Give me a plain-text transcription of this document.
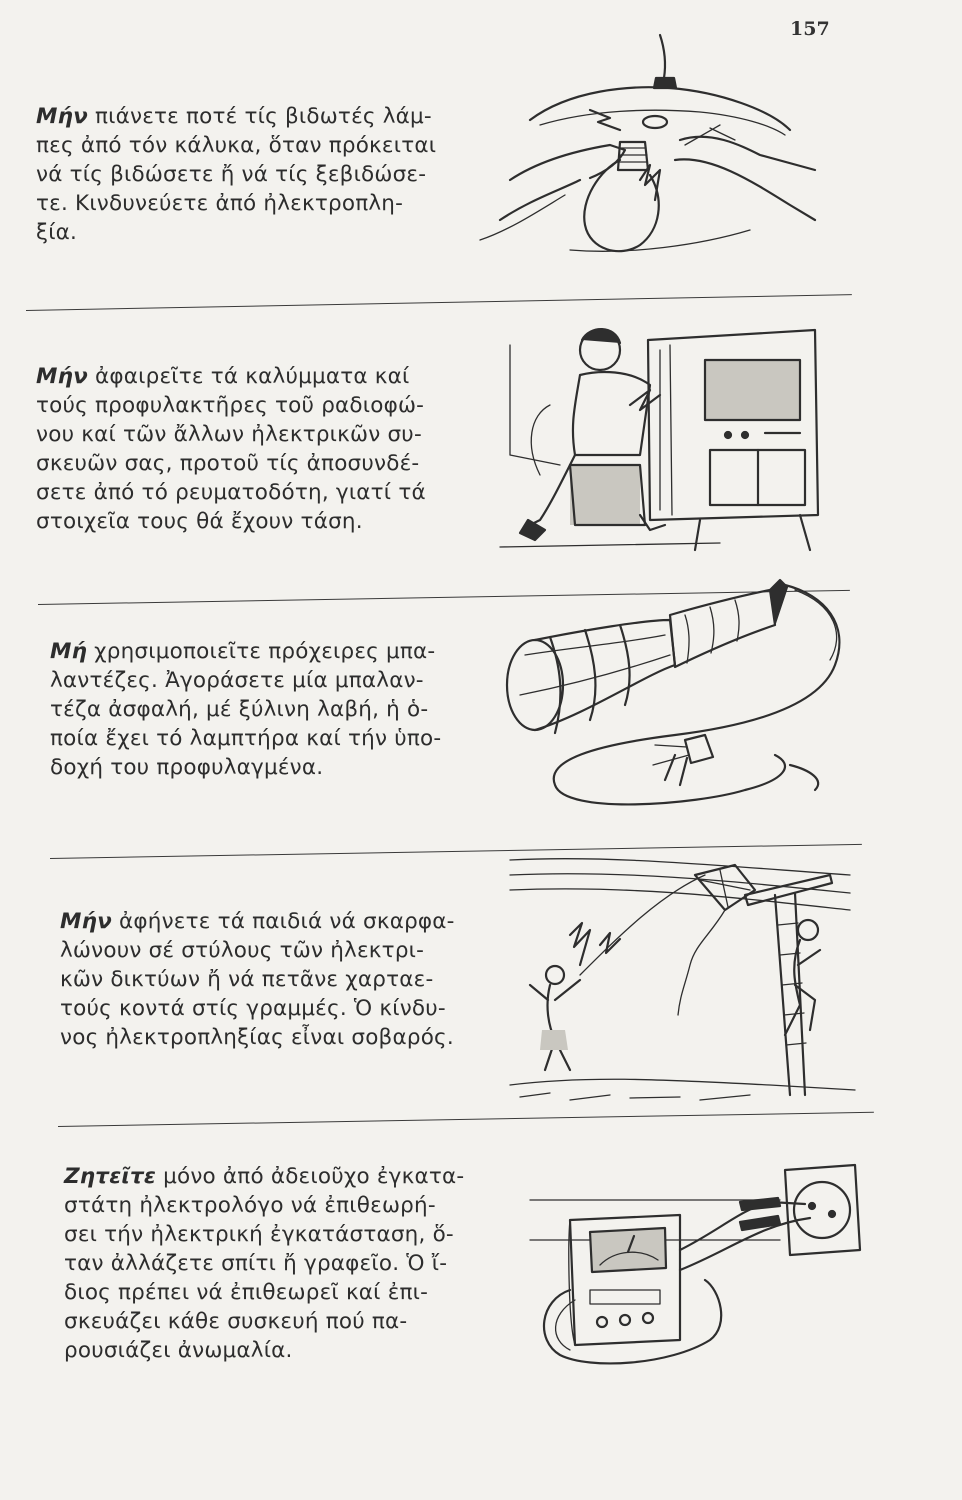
157

Μήν πιάνετε ποτέ τίς βιδωτές λάμ-
πες ἀπό τόν κάλυκα, ὅταν πρόκειται
νά τίς βιδώσετε ἤ νά τίς ξεβιδώσε-
τε. Κινδυνεύετε ἀπό ἠλεκτροπλη-
ξία.

Μήν ἀφαιρεῖτε τά καλύμματα καί
τούς προφυλακτῆρες τοῦ ραδιοφώ-
νου καί τῶν ἄλλων ἠλεκτρικῶν συ-
σκευῶν σας, προτοῦ τίς ἀποσυνδέ-
σετε ἀπό τό ρευματοδότη, γιατί τά
στοιχεῖα τους θά ἔχουν τάση.

Μή χρησιμοποιεῖτε πρόχειρες μπα-
λαντέζες. Ἀγοράσετε μία μπαλαν-
τέζα ἀσφαλή, μέ ξύλινη λαβή, ἡ ὁ-
ποία ἔχει τό λαμπτήρα καί τήν ὑπο-
δοχή του προφυλαγμένα.

Μήν ἀφήνετε τά παιδιά νά σκαρφα-
λώνουν σέ στύλους τῶν ἠλεκτρι-
κῶν δικτύων ἤ νά πετᾶνε χαρταε-
τούς κοντά στίς γραμμές. Ὁ κίνδυ-
νος ἠλεκτροπληξίας εἶναι σοβαρός.

Ζητεῖτε μόνο ἀπό ἀδειοῦχο ἐγκατα-
στάτη ἠλεκτρολόγο νά ἐπιθεωρή-
σει τήν ἠλεκτρική ἐγκατάσταση, ὅ-
ταν ἀλλάζετε σπίτι ἤ γραφεῖο. Ὁ ἴ-
διος πρέπει νά ἐπιθεωρεῖ καί ἐπι-
σκευάζει κάθε συσκευή πού πα-
ρουσιάζει ἀνωμαλία.
